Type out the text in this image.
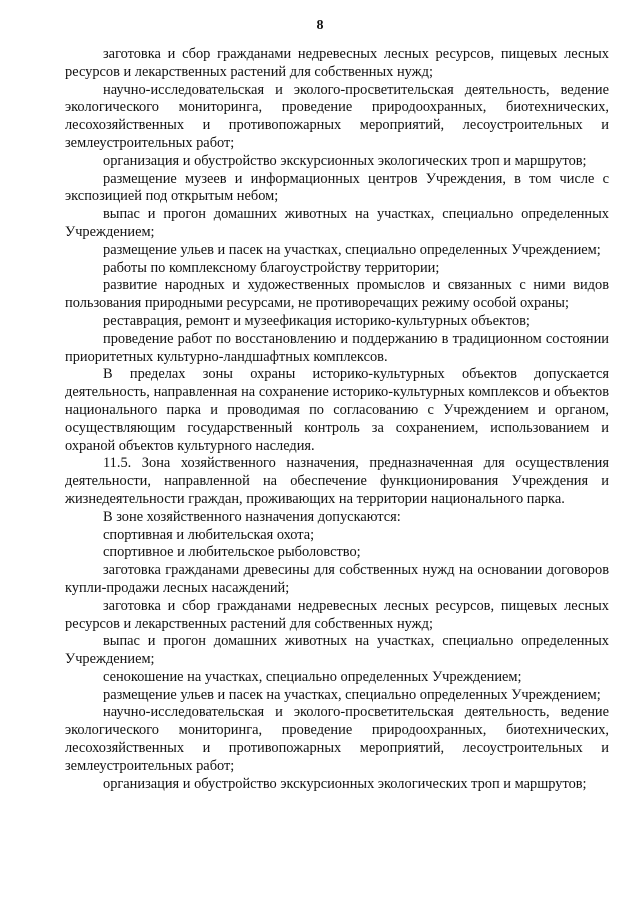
8

заготовка и сбор гражданами недревесных лесных ресурсов, пищевых лесных ресурсов и лекарственных растений для собственных нужд;

научно-исследовательская и эколого-просветительская деятельность, ведение экологического мониторинга, проведение природоохранных, биотехнических, лесохозяйственных и противопожарных мероприятий, лесоустроительных и землеустроительных работ;

организация и обустройство экскурсионных экологических троп и маршрутов;

размещение музеев и информационных центров Учреждения, в том числе с экспозицией под открытым небом;

выпас и прогон домашних животных на участках, специально определенных Учреждением;

размещение ульев и пасек на участках, специально определенных Учреждением;

работы по комплексному благоустройству территории;

развитие народных и художественных промыслов и связанных с ними видов пользования природными ресурсами, не противоречащих режиму особой охраны;

реставрация, ремонт и музеефикация историко-культурных объектов;

проведение работ по восстановлению и поддержанию в традиционном состоянии приоритетных культурно-ландшафтных комплексов.

В пределах зоны охраны историко-культурных объектов допускается деятельность, направленная на сохранение историко-культурных комплексов и объектов национального парка и проводимая по согласованию с Учреждением и органом, осуществляющим государственный контроль за сохранением, использованием и охраной объектов культурного наследия.

11.5. Зона хозяйственного назначения, предназначенная для осуществления деятельности, направленной на обеспечение функционирования Учреждения и жизнедеятельности граждан, проживающих на территории национального парка.

В зоне хозяйственного назначения допускаются:

спортивная и любительская охота;

спортивное и любительское рыболовство;

заготовка гражданами древесины для собственных нужд на основании договоров купли-продажи лесных насаждений;

заготовка и сбор гражданами недревесных лесных ресурсов, пищевых лесных ресурсов и лекарственных растений для собственных нужд;

выпас и прогон домашних животных на участках, специально определенных Учреждением;

сенокошение на участках, специально определенных Учреждением;

размещение ульев и пасек на участках, специально определенных Учреждением;

научно-исследовательская и эколого-просветительская деятельность, ведение экологического мониторинга, проведение природоохранных, биотехнических, лесохозяйственных и противопожарных мероприятий, лесоустроительных и землеустроительных работ;

организация и обустройство экскурсионных экологических троп и маршрутов;
